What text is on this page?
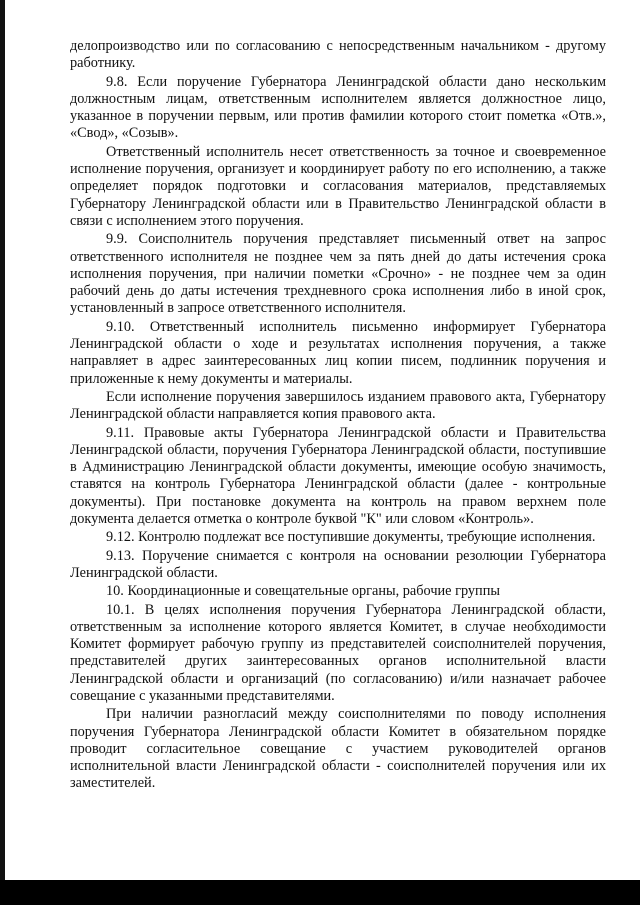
делопроизводство или по согласованию с непосредственным начальником - другому работнику.

9.8. Если поручение Губернатора Ленинградской области дано нескольким должностным лицам, ответственным исполнителем является должностное лицо, указанное в поручении первым, или против фамилии которого стоит пометка «Отв.», «Свод», «Созыв».

Ответственный исполнитель несет ответственность за точное и своевременное исполнение поручения, организует и координирует работу по его исполнению, а также определяет порядок подготовки и согласования материалов, представляемых Губернатору Ленинградской области или в Правительство Ленинградской области в связи с исполнением этого поручения.

9.9. Соисполнитель поручения представляет письменный ответ на запрос ответственного исполнителя не позднее чем за пять дней до даты истечения срока исполнения поручения, при наличии пометки «Срочно» - не позднее чем за один рабочий день до даты истечения трехдневного срока исполнения либо в иной срок, установленный в запросе ответственного исполнителя.

9.10. Ответственный исполнитель письменно информирует Губернатора Ленинградской области о ходе и результатах исполнения поручения, а также направляет в адрес заинтересованных лиц копии писем, подлинник поручения и приложенные к нему документы и материалы.

Если исполнение поручения завершилось изданием правового акта, Губернатору Ленинградской области направляется копия правового акта.

9.11. Правовые акты Губернатора Ленинградской области и Правительства Ленинградской области, поручения Губернатора Ленинградской области, поступившие в Администрацию Ленинградской области документы, имеющие особую значимость, ставятся на контроль Губернатора Ленинградской области (далее - контрольные документы). При постановке документа на контроль на правом верхнем поле документа делается отметка о контроле буквой "К" или словом «Контроль».

9.12. Контролю подлежат все поступившие документы, требующие исполнения.

9.13. Поручение снимается с контроля на основании резолюции Губернатора Ленинградской области.

10. Координационные и совещательные органы, рабочие группы

10.1. В целях исполнения поручения Губернатора Ленинградской области, ответственным за исполнение которого является Комитет, в случае необходимости Комитет формирует рабочую группу из представителей соисполнителей поручения, представителей других заинтересованных органов исполнительной власти Ленинградской области и организаций (по согласованию) и/или назначает рабочее совещание с указанными представителями.

При наличии разногласий между соисполнителями по поводу исполнения поручения Губернатора Ленинградской области Комитет в обязательном порядке проводит согласительное совещание с участием руководителей органов исполнительной власти Ленинградской области - соисполнителей поручения или их заместителей.
